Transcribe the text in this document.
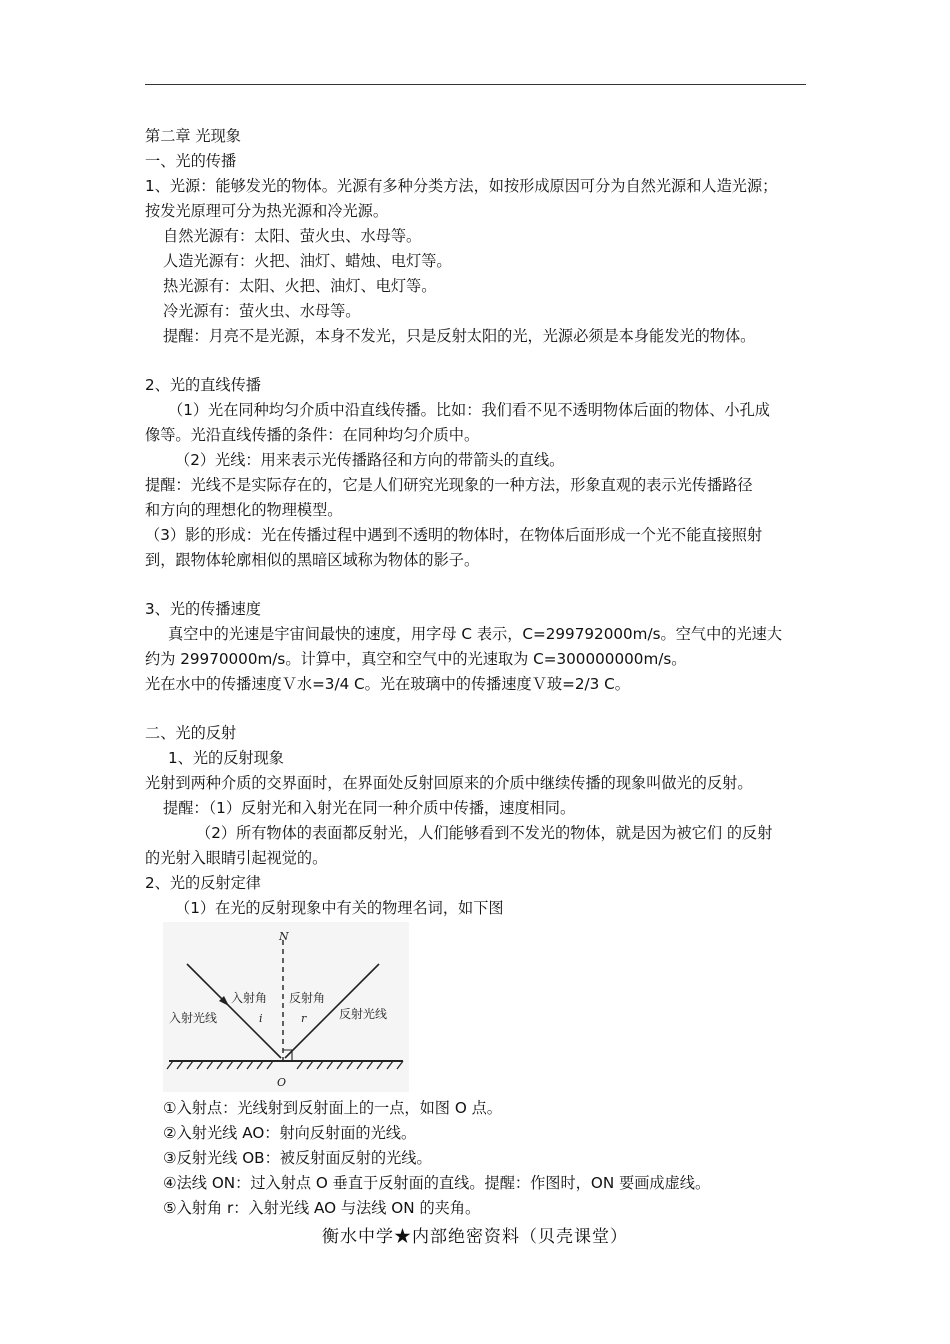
第二章 光现象
一、光的传播
1、光源：能够发光的物体。光源有多种分类方法，如按形成原因可分为自然光源和人造光源；
按发光原理可分为热光源和冷光源。
自然光源有：太阳、萤火虫、水母等。
人造光源有：火把、油灯、蜡烛、电灯等。
热光源有：太阳、火把、油灯、电灯等。
冷光源有：萤火虫、水母等。
提醒：月亮不是光源，本身不发光，只是反射太阳的光，光源必须是本身能发光的物体。
2、光的直线传播
（1）光在同种均匀介质中沿直线传播。比如：我们看不见不透明物体后面的物体、小孔成
像等。光沿直线传播的条件：在同种均匀介质中。
（2）光线：用来表示光传播路径和方向的带箭头的直线。
提醒：光线不是实际存在的，它是人们研究光现象的一种方法，形象直观的表示光传播路径
和方向的理想化的物理模型。
（3）影的形成：光在传播过程中遇到不透明的物体时，在物体后面形成一个光不能直接照射
到，跟物体轮廓相似的黑暗区域称为物体的影子。
3、光的传播速度
真空中的光速是宇宙间最快的速度，用字母 C 表示，C=299792000m/s。空气中的光速大
约为 29970000m/s。计算中，真空和空气中的光速取为 C=300000000m/s。
光在水中的传播速度Ｖ水=3/4 C。光在玻璃中的传播速度Ｖ玻=2/3 C。
二、光的反射
1、光的反射现象
光射到两种介质的交界面时，在界面处反射回原来的介质中继续传播的现象叫做光的反射。
提醒：（1）反射光和入射光在同一种介质中传播，速度相同。
（2）所有物体的表面都反射光，人们能够看到不发光的物体，就是因为被它们 的反射
的光射入眼睛引起视觉的。
2、光的反射定律
（1）在光的反射现象中有关的物理名词，如下图
N
入射角 反射角
i	r
入射光线	反射光线
O
①入射点：光线射到反射面上的一点，如图 O 点。
②入射光线 AO：射向反射面的光线。
③反射光线 OB：被反射面反射的光线。
④法线 ON：过入射点 O 垂直于反射面的直线。提醒：作图时，ON 要画成虚线。
⑤入射角 r：入射光线 AO 与法线 ON 的夹角。
衡水中学★内部绝密资料（贝壳课堂）
